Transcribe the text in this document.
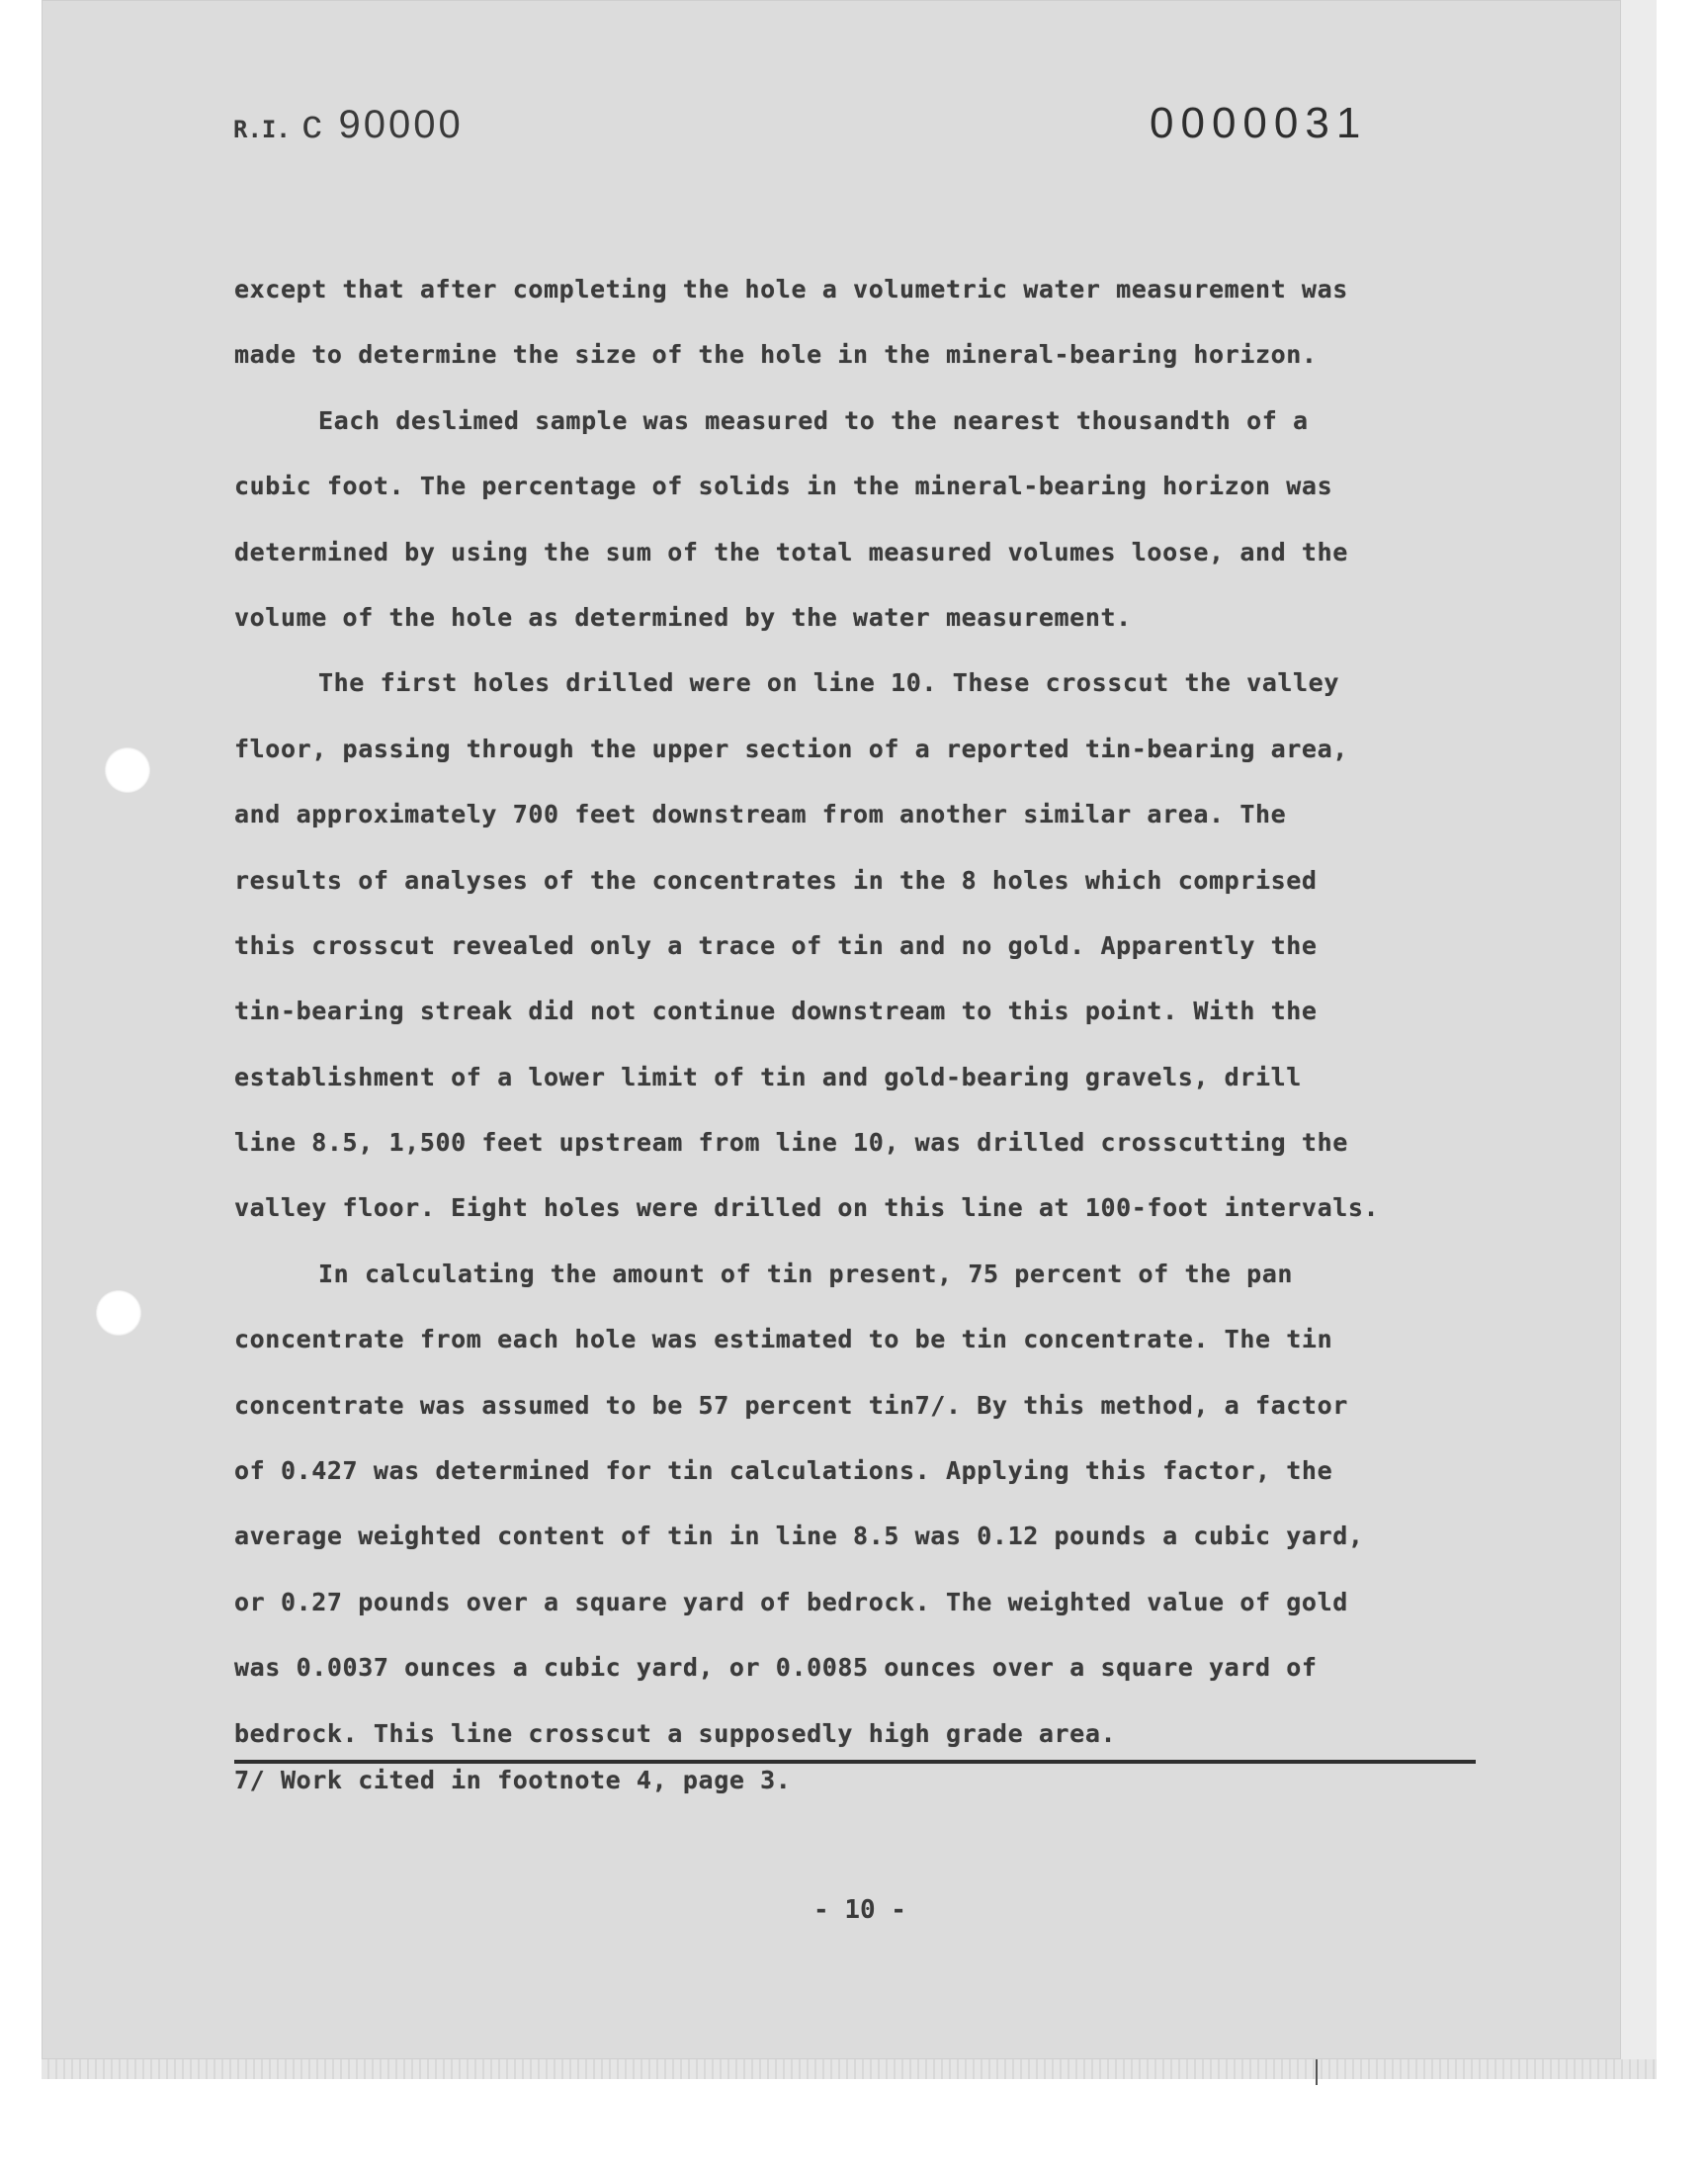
R.I. c 90000	0000031
except that after completing the hole a volumetric water measurement was
made to determine the size of the hole in the mineral-bearing horizon.
Each deslimed sample was measured to the nearest thousandth of a
cubic foot. The percentage of solids in the mineral-bearing horizon was
determined by using the sum of the total measured volumes loose, and the
volume of the hole as determined by the water measurement.
The first holes drilled were on line 10. These crosscut the valley
floor, passing through the upper section of a reported tin-bearing area,
and approximately 700 feet downstream from another similar area. The
results of analyses of the concentrates in the 8 holes which comprised
this crosscut revealed only a trace of tin and no gold. Apparently the
tin-bearing streak did not continue downstream to this point. With the
establishment of a lower limit of tin and gold-bearing gravels, drill
line 8.5, 1,500 feet upstream from line 10, was drilled crosscutting the
valley floor. Eight holes were drilled on this line at 100-foot intervals.
In calculating the amount of tin present, 75 percent of the pan
concentrate from each hole was estimated to be tin concentrate. The tin
concentrate was assumed to be 57 percent tin7/. By this method, a factor
of 0.427 was determined for tin calculations. Applying this factor, the
average weighted content of tin in line 8.5 was 0.12 pounds a cubic yard,
or 0.27 pounds over a square yard of bedrock. The weighted value of gold
was 0.0037 ounces a cubic yard, or 0.0085 ounces over a square yard of
bedrock. This line crosscut a supposedly high grade area.
7/ Work cited in footnote 4, page 3.
- 10 -
